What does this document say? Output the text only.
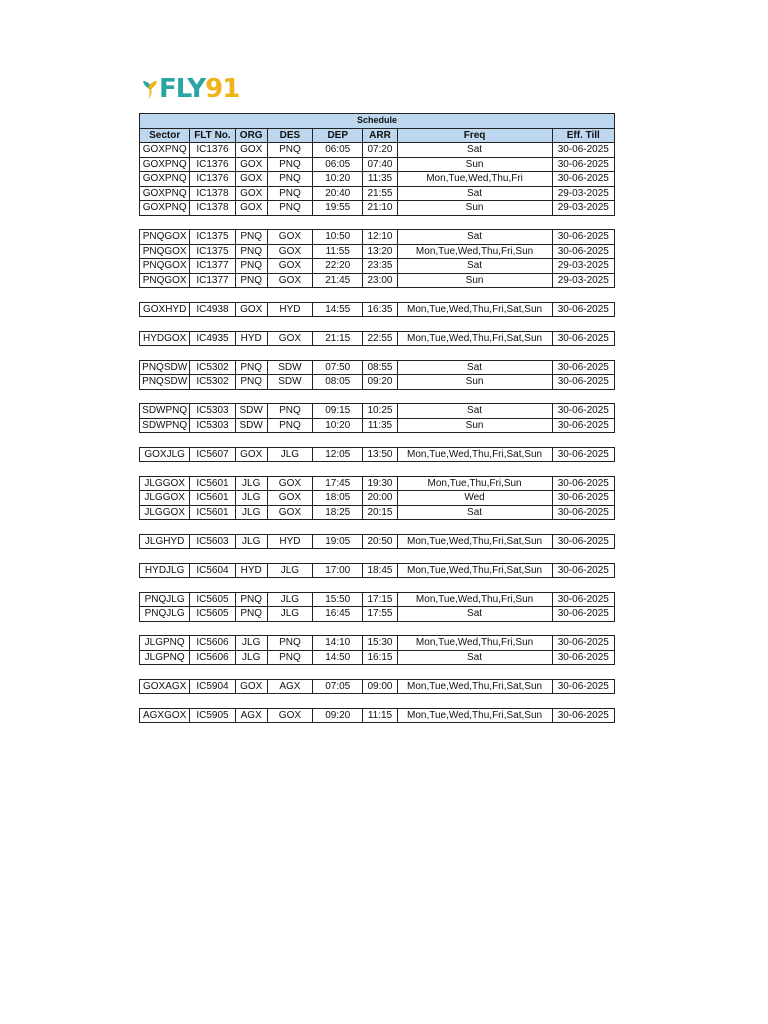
FLY91
Schedule							
Sector	FLT No.	ORG	DES	DEP	ARR	Freq	Eff. Till
GOXPNQ	IC1376	GOX	PNQ	06:05	07:20	Sat	30-06-2025
GOXPNQ	IC1376	GOX	PNQ	06:05	07:40	Sun	30-06-2025
GOXPNQ	IC1376	GOX	PNQ	10:20	11:35	Mon,Tue,Wed,Thu,Fri	30-06-2025
GOXPNQ	IC1378	GOX	PNQ	20:40	21:55	Sat	29-03-2025
GOXPNQ	IC1378	GOX	PNQ	19:55	21:10	Sun	29-03-2025

PNQGOX	IC1375	PNQ	GOX	10:50	12:10	Sat	30-06-2025
PNQGOX	IC1375	PNQ	GOX	11:55	13:20	Mon,Tue,Wed,Thu,Fri,Sun	30-06-2025
PNQGOX	IC1377	PNQ	GOX	22:20	23:35	Sat	29-03-2025
PNQGOX	IC1377	PNQ	GOX	21:45	23:00	Sun	29-03-2025

GOXHYD	IC4938	GOX	HYD	14:55	16:35	Mon,Tue,Wed,Thu,Fri,Sat,Sun	30-06-2025

HYDGOX	IC4935	HYD	GOX	21:15	22:55	Mon,Tue,Wed,Thu,Fri,Sat,Sun	30-06-2025

PNQSDW	IC5302	PNQ	SDW	07:50	08:55	Sat	30-06-2025
PNQSDW	IC5302	PNQ	SDW	08:05	09:20	Sun	30-06-2025

SDWPNQ	IC5303	SDW	PNQ	09:15	10:25	Sat	30-06-2025
SDWPNQ	IC5303	SDW	PNQ	10:20	11:35	Sun	30-06-2025

GOXJLG	IC5607	GOX	JLG	12:05	13:50	Mon,Tue,Wed,Thu,Fri,Sat,Sun	30-06-2025

JLGGOX	IC5601	JLG	GOX	17:45	19:30	Mon,Tue,Thu,Fri,Sun	30-06-2025
JLGGOX	IC5601	JLG	GOX	18:05	20:00	Wed	30-06-2025
JLGGOX	IC5601	JLG	GOX	18:25	20:15	Sat	30-06-2025

JLGHYD	IC5603	JLG	HYD	19:05	20:50	Mon,Tue,Wed,Thu,Fri,Sat,Sun	30-06-2025

HYDJLG	IC5604	HYD	JLG	17:00	18:45	Mon,Tue,Wed,Thu,Fri,Sat,Sun	30-06-2025

PNQJLG	IC5605	PNQ	JLG	15:50	17:15	Mon,Tue,Wed,Thu,Fri,Sun	30-06-2025
PNQJLG	IC5605	PNQ	JLG	16:45	17:55	Sat	30-06-2025

JLGPNQ	IC5606	JLG	PNQ	14:10	15:30	Mon,Tue,Wed,Thu,Fri,Sun	30-06-2025
JLGPNQ	IC5606	JLG	PNQ	14:50	16:15	Sat	30-06-2025

GOXAGX	IC5904	GOX	AGX	07:05	09:00	Mon,Tue,Wed,Thu,Fri,Sat,Sun	30-06-2025

AGXGOX	IC5905	AGX	GOX	09:20	11:15	Mon,Tue,Wed,Thu,Fri,Sat,Sun	30-06-2025
